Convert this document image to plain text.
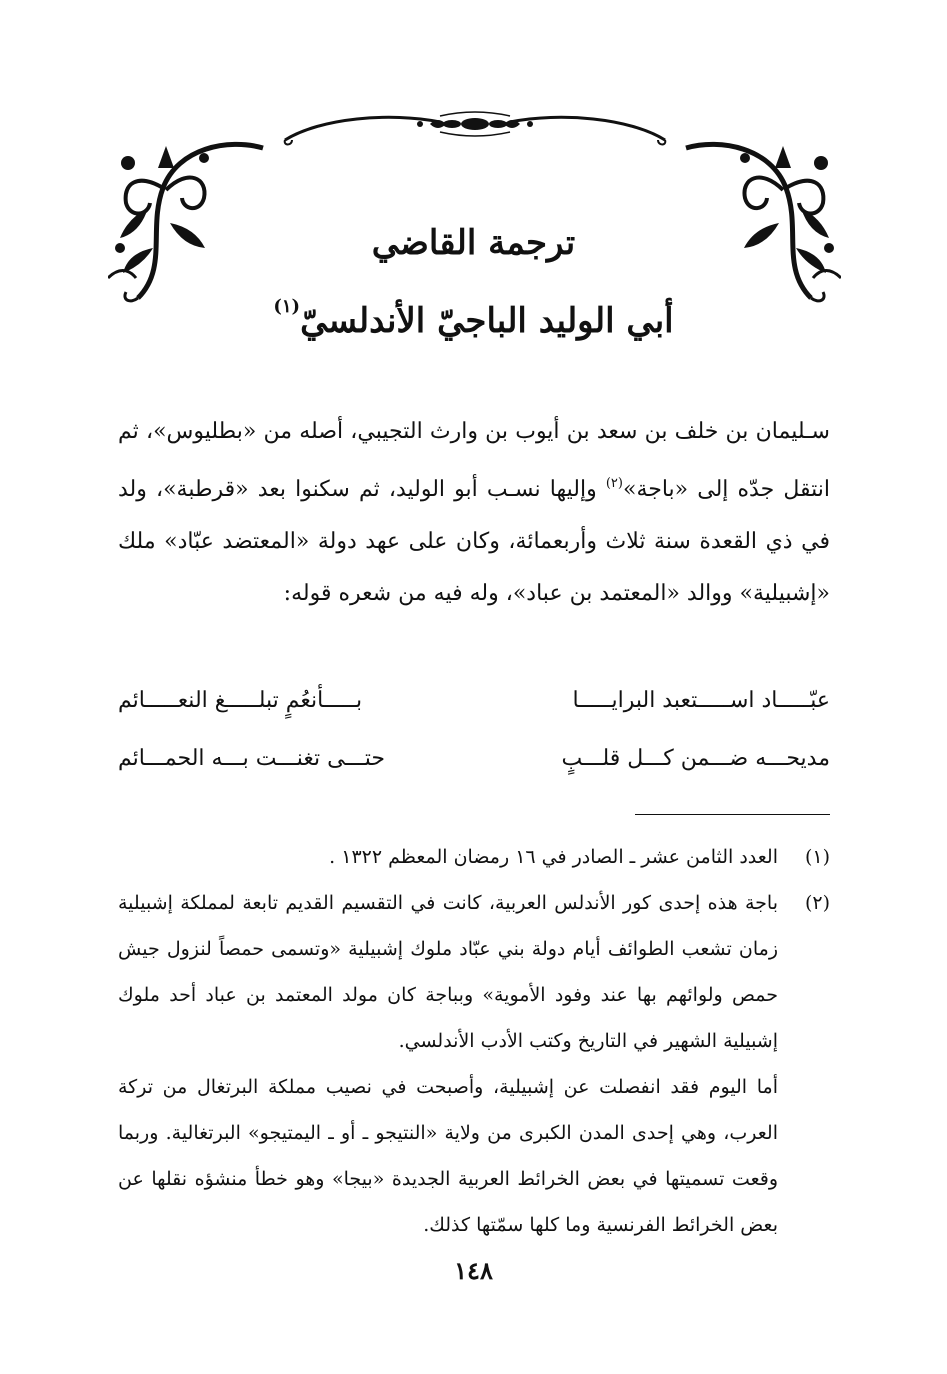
ترجمة القاضي
أبي الوليد الباجيّ الأندلسيّ$^{(١)}$
سـليمان بن خلف بن سعد بن أيوب بن وارث التجيبي، أصله من «بطليوس»، ثم انتقل جدّه إلى «باجة»$^{(٢)}$ وإليها نسـب أبو الوليد، ثم سكنوا بعد «قرطبة»، ولد في ذي القعدة سنة ثلاث وأربعمائة، وكان على عهد دولة «المعتضد عبّاد» ملك «إشبيلية» ووالد «المعتمد بن عباد»، وله فيه من شعره قوله:
عبّـــــاد اســـــتعبد البرايـــــا
بـــــأنعُمٍ تبلـــــغ النعـــــائم
مديحـــه ضـــمن كـــل قلـــبٍ
حتـــى تغنـــت بـــه الحمـــائم
(١)

العدد الثامن عشر ـ الصادر في ١٦ رمضان المعظم ١٣٢٢ .

(٢)

باجة هذه إحدى كور الأندلس العربية، كانت في التقسيم القديم تابعة لمملكة إشبيلية زمان تشعب الطوائف أيام دولة بني عبّاد ملوك إشبيلية «وتسمى حمصاً لنزول جيش حمص ولوائهم بها عند وفود الأموية» وبباجة كان مولد المعتمد بن عباد أحد ملوك إشبيلية الشهير في التاريخ وكتب الأدب الأندلسي.

أما اليوم فقد انفصلت عن إشبيلية، وأصبحت في نصيب مملكة البرتغال من تركة العرب، وهي إحدى المدن الكبرى من ولاية «النتيجو ـ أو ـ اليمتيجو» البرتغالية. وربما وقعت تسميتها في بعض الخرائط العربية الجديدة «بيجا» وهو خطأ منشؤه نقلها عن بعض الخرائط الفرنسية وما كلها سمّتها كذلك.

١٤٨
